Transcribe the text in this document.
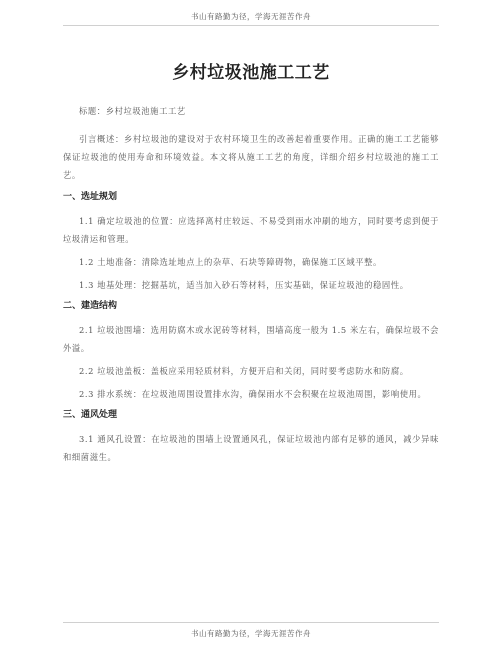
书山有路勤为径，学海无涯苦作舟
乡村垃圾池施工工艺

标题：乡村垃圾池施工工艺

引言概述：乡村垃圾池的建设对于农村环境卫生的改善起着重要作用。正确的施工工艺能够保证垃圾池的使用寿命和环境效益。本文将从施工工艺的角度，详细介绍乡村垃圾池的施工工艺。

一、选址规划

1.1 确定垃圾池的位置：应选择离村庄较远、不易受到雨水冲刷的地方，同时要考虑到便于垃圾清运和管理。

1.2 土地准备：清除选址地点上的杂草、石块等障碍物，确保施工区域平整。

1.3 地基处理：挖掘基坑，适当加入砂石等材料，压实基础，保证垃圾池的稳固性。

二、建造结构

2.1 垃圾池围墙：选用防腐木或水泥砖等材料，围墙高度一般为 1.5 米左右，确保垃圾不会外溢。

2.2 垃圾池盖板：盖板应采用轻质材料，方便开启和关闭，同时要考虑防水和防腐。

2.3 排水系统：在垃圾池周围设置排水沟，确保雨水不会积聚在垃圾池周围，影响使用。

三、通风处理

3.1 通风孔设置：在垃圾池的围墙上设置通风孔，保证垃圾池内部有足够的通风，减少异味和细菌滋生。

书山有路勤为径，学海无涯苦作舟
